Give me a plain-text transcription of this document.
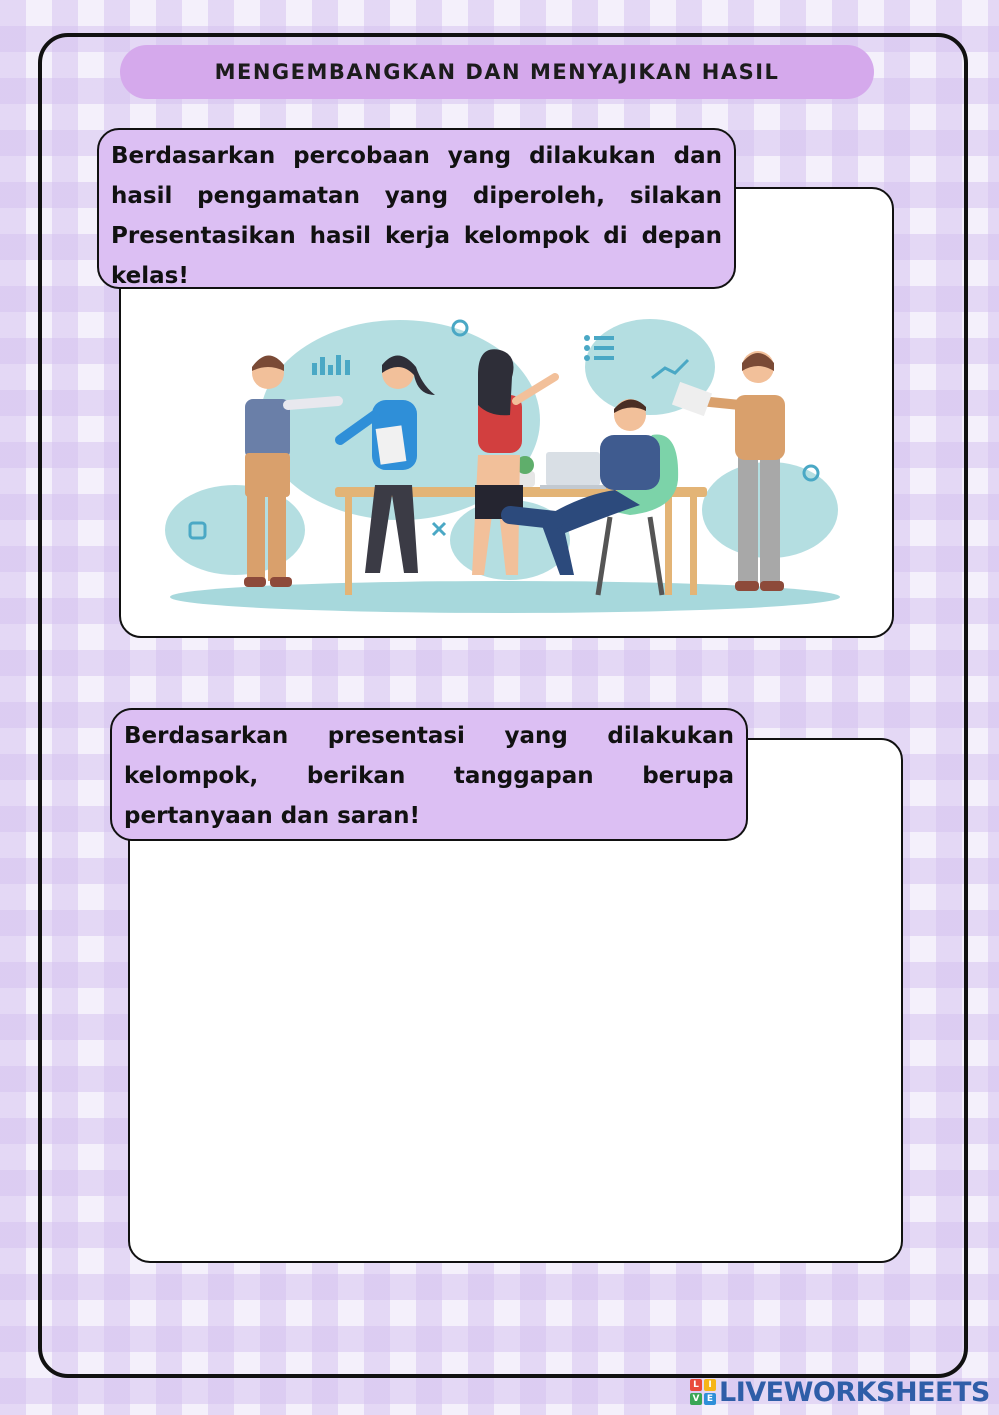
MENGEMBANGKAN DAN MENYAJIKAN HASIL
Berdasarkan percobaan yang dilakukan dan hasil pengamatan yang diperoleh, silakan Presentasikan hasil kerja kelompok di depan kelas!
Berdasarkan presentasi yang dilakukan kelompok, berikan tanggapan berupa pertanyaan dan saran!
L	I
V E LIVEWORKSHEETS
